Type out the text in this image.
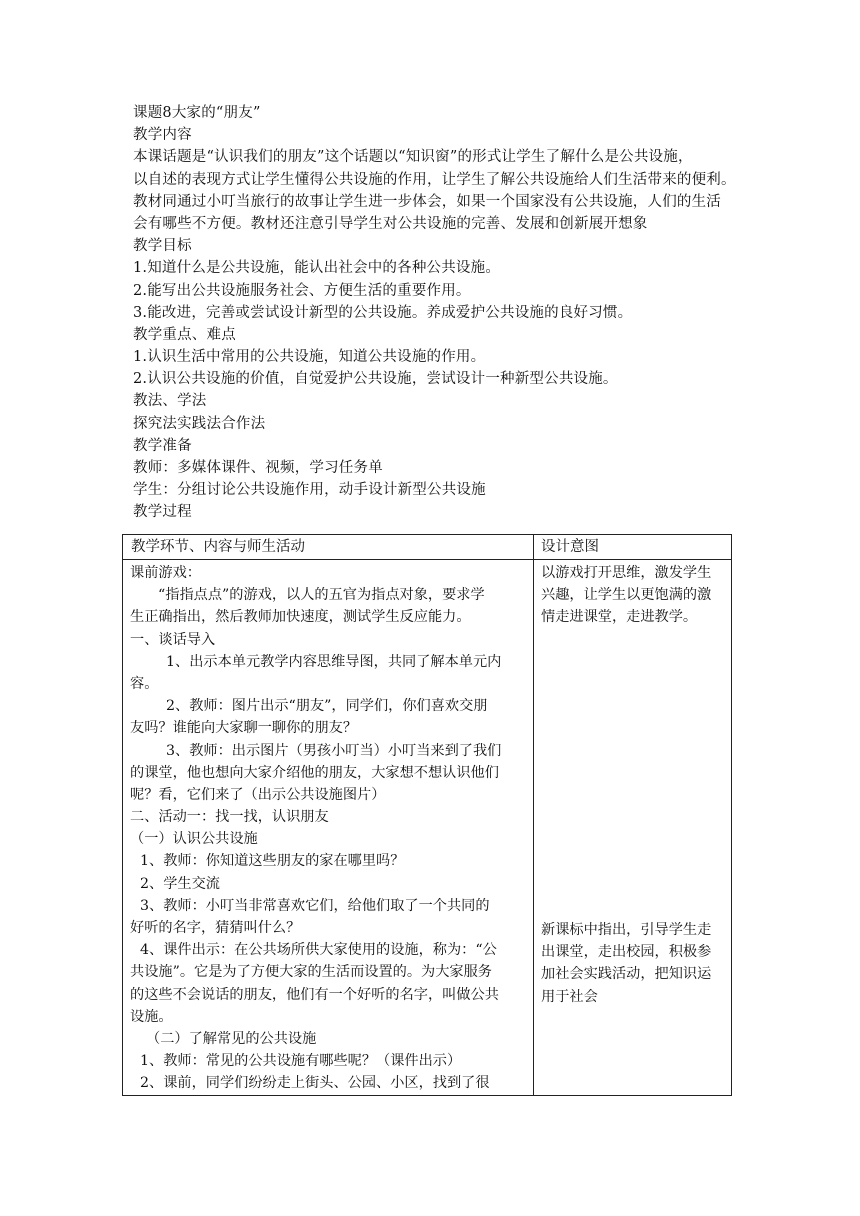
课题8大家的“朋友”
教学内容
本课话题是“认识我们的朋友”这个话题以“知识窗”的形式让学生了解什么是公共设施，
以自述的表现方式让学生懂得公共设施的作用，让学生了解公共设施给人们生活带来的便利。
教材同通过小叮当旅行的故事让学生进一步体会，如果一个国家没有公共设施，人们的生活
会有哪些不方便。教材还注意引导学生对公共设施的完善、发展和创新展开想象
教学目标
1.知道什么是公共设施，能认出社会中的各种公共设施。
2.能写出公共设施服务社会、方便生活的重要作用。
3.能改进，完善或尝试设计新型的公共设施。养成爱护公共设施的良好习惯。
教学重点、难点
1.认识生活中常用的公共设施，知道公共设施的作用。
2.认识公共设施的价值，自觉爱护公共设施，尝试设计一种新型公共设施。
教法、学法
探究法实践法合作法
教学准备
教师：多媒体课件、视频，学习任务单
学生：分组讨论公共设施作用，动手设计新型公共设施
教学过程
教学环节、内容与师生活动	设计意图
课前游戏：
“指指点点”的游戏，以人的五官为指点对象，要求学
生正确指出，然后教师加快速度，测试学生反应能力。
一、谈话导入
1、出示本单元教学内容思维导图，共同了解本单元内
容。
2、教师：图片出示“朋友”，同学们，你们喜欢交朋
友吗？谁能向大家聊一聊你的朋友？
3、教师：出示图片（男孩小叮当）小叮当来到了我们
的课堂，他也想向大家介绍他的朋友，大家想不想认识他们
呢？看，它们来了（出示公共设施图片）
二、活动一：找一找，认识朋友
（一）认识公共设施
1、教师：你知道这些朋友的家在哪里吗？
2、学生交流
3、教师：小叮当非常喜欢它们，给他们取了一个共同的
好听的名字，猜猜叫什么？
4、课件出示：在公共场所供大家使用的设施，称为：“公
共设施”。它是为了方便大家的生活而设置的。为大家服务
的这些不会说话的朋友，他们有一个好听的名字，叫做公共
设施。
（二）了解常见的公共设施
1、教师：常见的公共设施有哪些呢？（课件出示）
2、课前，同学们纷纷走上街头、公园、小区，找到了很
以游戏打开思维，激发学生
兴趣，让学生以更饱满的激
情走进课堂，走进教学。
新课标中指出，引导学生走
出课堂，走出校园，积极参
加社会实践活动，把知识运
用于社会
